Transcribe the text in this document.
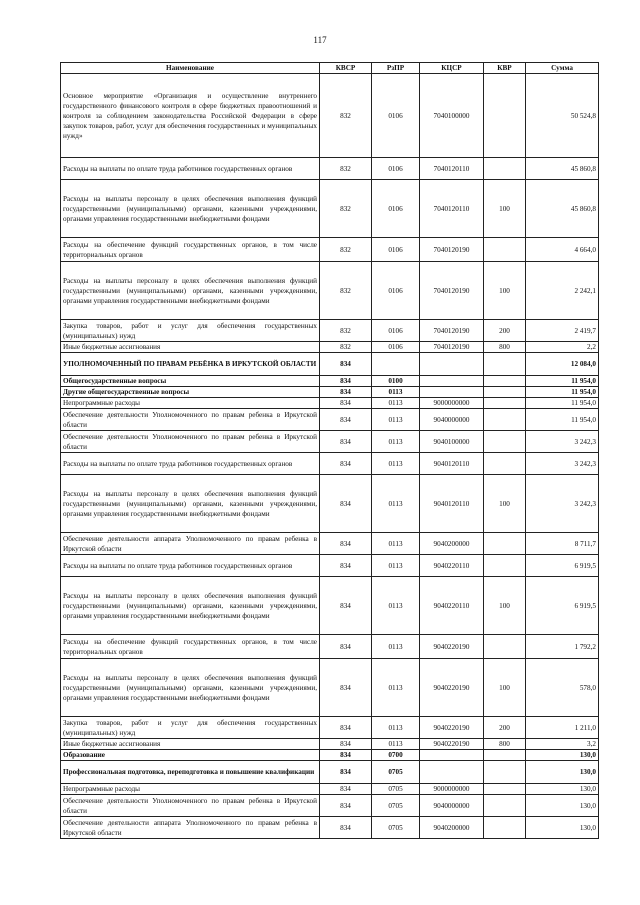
117
Наименование	КВСР	РзПР	КЦСР	КВР	Сумма
Основное мероприятие «Организация и осуществление внутреннего государственного финансового контроля в сфере бюджетных правоотношений и контроля за соблюдением законодательства Российской Федерации в сфере закупок товаров, работ, услуг для обеспечения государственных и муниципальных нужд»	832	0106	7040100000		50 524,8
Расходы на выплаты по оплате труда работников государственных органов	832	0106	7040120110		45 860,8
Расходы на выплаты персоналу в целях обеспечения выполнения функций государственными (муниципальными) органами, казенными учреждениями, органами управления государственными внебюджетными фондами	832	0106	7040120110	100	45 860,8
Расходы на обеспечение функций государственных органов, в том числе территориальных органов	832	0106	7040120190		4 664,0
Расходы на выплаты персоналу в целях обеспечения выполнения функций государственными (муниципальными) органами, казенными учреждениями, органами управления государственными внебюджетными фондами	832	0106	7040120190	100	2 242,1
Закупка товаров, работ и услуг для обеспечения государственных (муниципальных) нужд	832	0106	7040120190	200	2 419,7
Иные бюджетные ассигнования	832	0106	7040120190	800	2,2
УПОЛНОМОЧЕННЫЙ ПО ПРАВАМ РЕБЁНКА В ИРКУТСКОЙ ОБЛАСТИ	834				12 084,0
Общегосударственные вопросы	834	0100			11 954,0
Другие общегосударственные вопросы	834	0113			11 954,0
Непрограммные расходы	834	0113	9000000000		11 954,0
Обеспечение деятельности Уполномоченного по правам ребенка в Иркутской области	834	0113	9040000000		11 954,0
Обеспечение деятельности Уполномоченного по правам ребенка в Иркутской области	834	0113	9040100000		3 242,3
Расходы на выплаты по оплате труда работников государственных органов	834	0113	9040120110		3 242,3
Расходы на выплаты персоналу в целях обеспечения выполнения функций государственными (муниципальными) органами, казенными учреждениями, органами управления государственными внебюджетными фондами	834	0113	9040120110	100	3 242,3
Обеспечение деятельности аппарата Уполномоченного по правам ребенка в Иркутской области	834	0113	9040200000		8 711,7
Расходы на выплаты по оплате труда работников государственных органов	834	0113	9040220110		6 919,5
Расходы на выплаты персоналу в целях обеспечения выполнения функций государственными (муниципальными) органами, казенными учреждениями, органами управления государственными внебюджетными фондами	834	0113	9040220110	100	6 919,5
Расходы на обеспечение функций государственных органов, в том числе территориальных органов	834	0113	9040220190		1 792,2
Расходы на выплаты персоналу в целях обеспечения выполнения функций государственными (муниципальными) органами, казенными учреждениями, органами управления государственными внебюджетными фондами	834	0113	9040220190	100	578,0
Закупка товаров, работ и услуг для обеспечения государственных (муниципальных) нужд	834	0113	9040220190	200	1 211,0
Иные бюджетные ассигнования	834	0113	9040220190	800	3,2
Образование	834	0700			130,0
Профессиональная подготовка, переподготовка и повышение квалификации	834	0705			130,0
Непрограммные расходы	834	0705	9000000000		130,0
Обеспечение деятельности Уполномоченного по правам ребенка в Иркутской области	834	0705	9040000000		130,0
Обеспечение деятельности аппарата Уполномоченного по правам ребенка в Иркутской области	834	0705	9040200000		130,0
